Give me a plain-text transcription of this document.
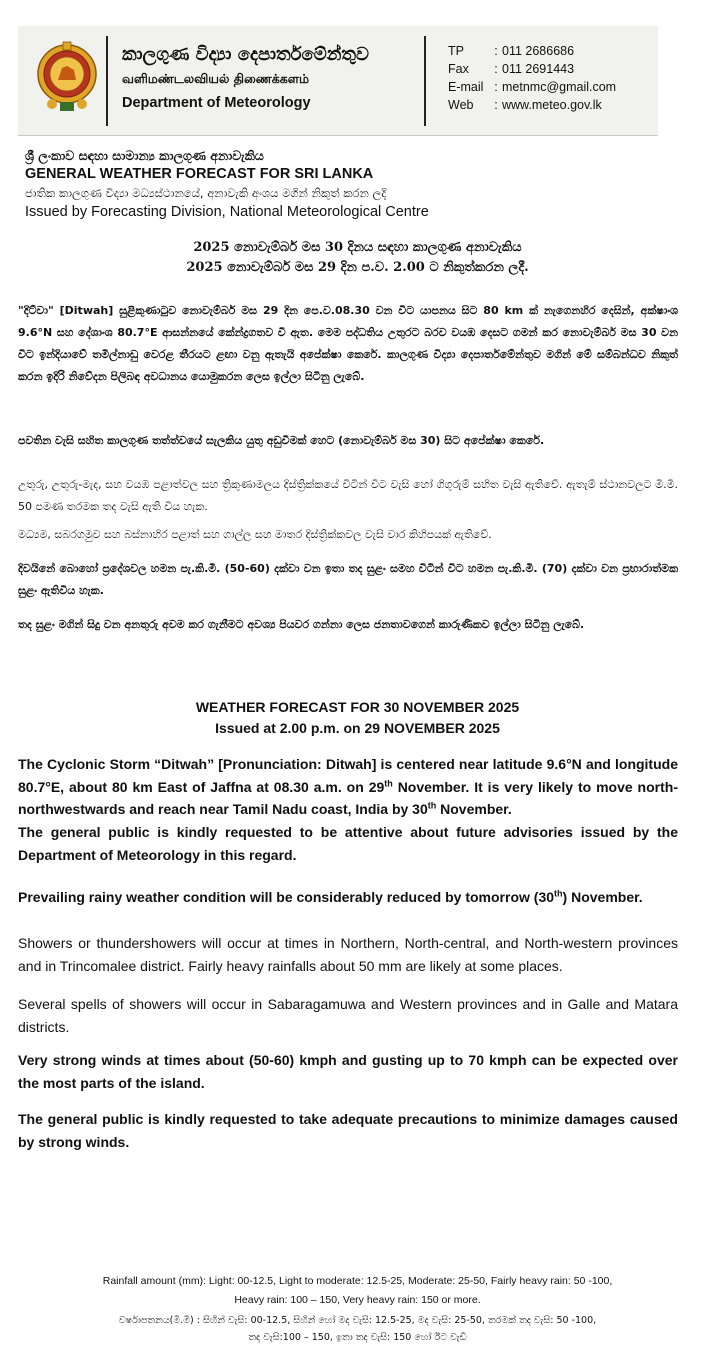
කාලගුණ විද්‍යා දෙපාර්තමේන්තුව
வளிமண்டலவியல் திணைக்களம்
Department of Meteorology
TP	: 011 2686686
Fax	: 011 2691443
E-mail : metnmc@gmail.com
Web	: www.meteo.gov.lk
ශ්‍රී ලංකාව සඳහා සාමාන්‍ය කාලගුණ අනාවැකිය
GENERAL WEATHER FORECAST FOR SRI LANKA
ජාතික කාලගුණ විද්‍යා මධ්‍යස්ථානයේ, අනාවැකි අංශය මගින් නිකුත් කරන ලදි
Issued by Forecasting Division, National Meteorological Centre
2025 නොවැම්බර් මස 30 දිනය සඳහා කාලගුණ අනාවැකිය
2025 නොවැම්බර් මස 29 දින ප.ව. 2.00 ට නිකුත්කරන ලදී.
"දිට්වා" [Ditwah] සුළිකුණාටුව නොවැම්බර් මස 29 දින පෙ.ව.08.30 වන විට යාපනය සිට 80 km ක් නැගෙනහිර දෙසින්, අක්ෂාංශ 9.6°N සහ දේශාංශ 80.7°E ආසන්නයේ කේන්ද්‍රගතව වී ඇත. මෙම පද්ධතිය උතුරට බරව වයඹ දෙසට ගමන් කර නොවැම්බර් මස 30 වන විට ඉන්දියාවේ තමිල්නාඩු වෙරළ තීරයට ළඟා වනු ඇතැයි අපේක්ෂා කෙරේ. කාලගුණ විද්‍යා දෙපාර්තමේන්තුව මගින් මේ සම්බන්ධව නිකුත් කරන ඉදිරි නිවේදන පිලිබඳ අවධානය යොමුකරන ලෙස ඉල්ලා සිටිනු ලැබේ.
පවතින වැසි සහිත කාලගුණ තත්ත්වයේ සැලකිය යුතු අඩුවීමක් හෙට (නොවැම්බර් මස 30) සිට අපේක්ෂා කෙරේ.
උතුරු, උතුරු-මැද, සහ වයඹ පළාත්වල සහ ත්‍රිකුණාමලය දිස්ත්‍රික්කයේ විටින් විට වැසි හෝ ගිගුරුම් සහිත වැසි ඇතිවේ. ඇතැම් ස්ථානවලට මි.මී. 50 පමණ තරමක තද වැසි ඇති විය හැක.
මධ්‍යම, සබරගමුව සහ බස්නාහිර පළාත් සහ ගාල්ල සහ මාතර දිස්ත්‍රික්කවල වැසි වාර කිහිපයක් ඇතිවේ.
දිවයිනේ බොහෝ ප්‍රදේශවල හමන පැ.කි.මී. (50-60) දක්වා වන ඉතා තද සුළං සමහ විටින් විට හමන පැ.කි.මී. (70) දක්වා වන ප්‍රභාරාත්මක සුළං ඇතිවිය හැක.
තද සුළං මගින් සිදු වන අනතුරු අවම කර ගැනීමට අවශ්‍ය පියවර ගන්නා ලෙස ජනතාවගෙන් කාරුණිකව ඉල්ලා සිටිනු ලැබේ.
WEATHER FORECAST FOR 30 NOVEMBER 2025
Issued at 2.00 p.m. on 29 NOVEMBER 2025
The Cyclonic Storm “Ditwah” [Pronunciation: Ditwah] is centered near latitude 9.6°N and longitude 80.7°E, about 80 km East of Jaffna at 08.30 a.m. on 29th November. It is very likely to move north-northwestwards and reach near Tamil Nadu coast, India by 30th November.
The general public is kindly requested to be attentive about future advisories issued by the Department of Meteorology in this regard.
Prevailing rainy weather condition will be considerably reduced by tomorrow (30th) November.
Showers or thundershowers will occur at times in Northern, North-central, and North-western provinces and in Trincomalee district. Fairly heavy rainfalls about 50 mm are likely at some places.
Several spells of showers will occur in Sabaragamuwa and Western provinces and in Galle and Matara districts.
Very strong winds at times about (50-60) kmph and gusting up to 70 kmph can be expected over the most parts of the island.
The general public is kindly requested to take adequate precautions to minimize damages caused by strong winds.
Rainfall amount (mm): Light: 00-12.5, Light to moderate: 12.5-25, Moderate: 25-50, Fairly heavy rain: 50 -100,
Heavy rain: 100 – 150, Very heavy rain: 150 or more.
වර්ෂාපතනය(මි.මී) : සිහින් වැසි: 00-12.5, සිහින් හෝ මද වැසි: 12.5-25, මද වැසි: 25-50, තරමක් තද වැසි: 50 -100,
තද වැසි:100 – 150, ඉතා තද වැසි: 150 හෝ ඊට වැඩි
